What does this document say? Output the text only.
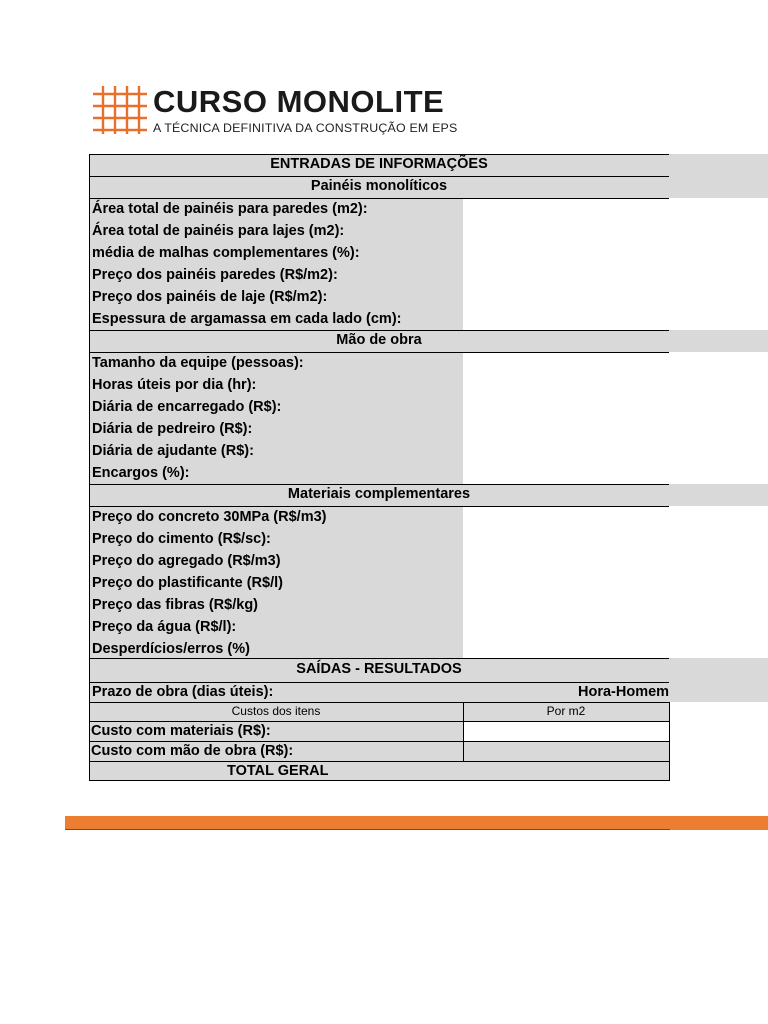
CURSO MONOLITE
A TÉCNICA DEFINITIVA DA CONSTRUÇÃO EM EPS
ENTRADAS DE INFORMAÇÕES
Painéis monolíticos
Área total de painéis para paredes (m2):
Área total de painéis para lajes (m2):
média de malhas complementares (%):
Preço dos painéis paredes (R$/m2):
Preço dos painéis de laje (R$/m2):
Espessura de argamassa em cada lado (cm):
Mão de obra
Tamanho da equipe (pessoas):
Horas úteis por dia (hr):
Diária de encarregado (R$):
Diária de pedreiro (R$):
Diária de ajudante (R$):
Encargos (%):
Materiais complementares
Preço do concreto 30MPa (R$/m3)
Preço do cimento (R$/sc):
Preço do agregado (R$/m3)
Preço do plastificante (R$/l)
Preço das fibras (R$/kg)
Preço da água (R$/l):
Desperdícios/erros (%)
SAÍDAS - RESULTADOS
Prazo de obra (dias úteis):	Hora-Homem
Custos dos itens	Por m2
Custo com materiais (R$):
Custo com mão de obra (R$):
TOTAL GERAL
